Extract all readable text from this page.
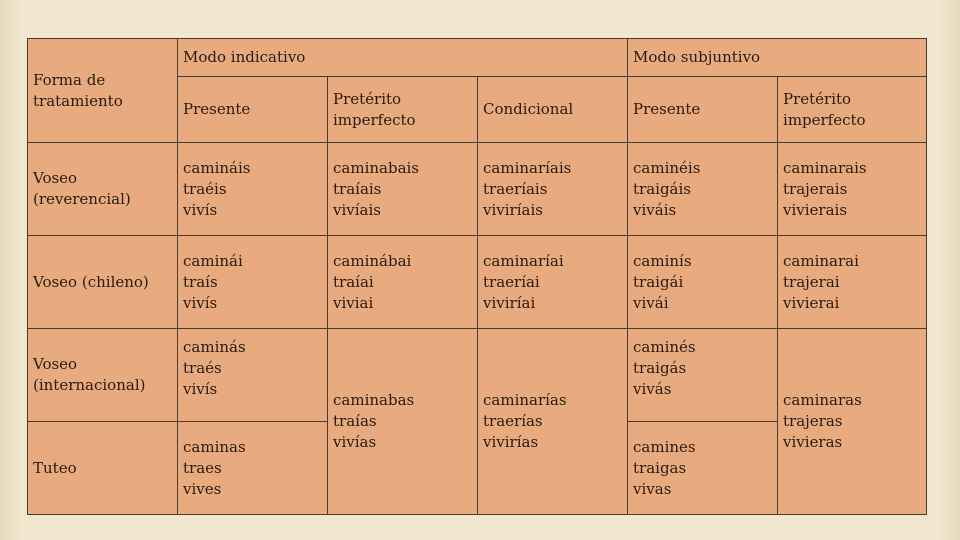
Forma de tratamiento	Modo indicativo			Modo subjuntivo	
	Presente	Pretérito imperfecto	Condicional	Presente	Pretérito imperfecto
Voseo (reverencial)	camináis
traéis
vivís	caminabais
traíais
vivíais	caminaríais
traeríais
viviríais	caminéis
traigáis
viváis	caminarais
trajerais
vivierais

Voseo (chileno)	caminái
traís
vivís	caminábai
traíai
viviai	caminaríai
traeríai
viviríai	caminís
traigái
vivái	caminarai
trajerai
vivierai

Voseo (internacional)	caminás
traés
vivís	caminabas
traías
vivías	caminarías
traerías
vivirías	caminés
traigás
vivás	caminaras
trajeras
vivieras

Tuteo	caminas
traes
vives			camines
traigas
vivas	
